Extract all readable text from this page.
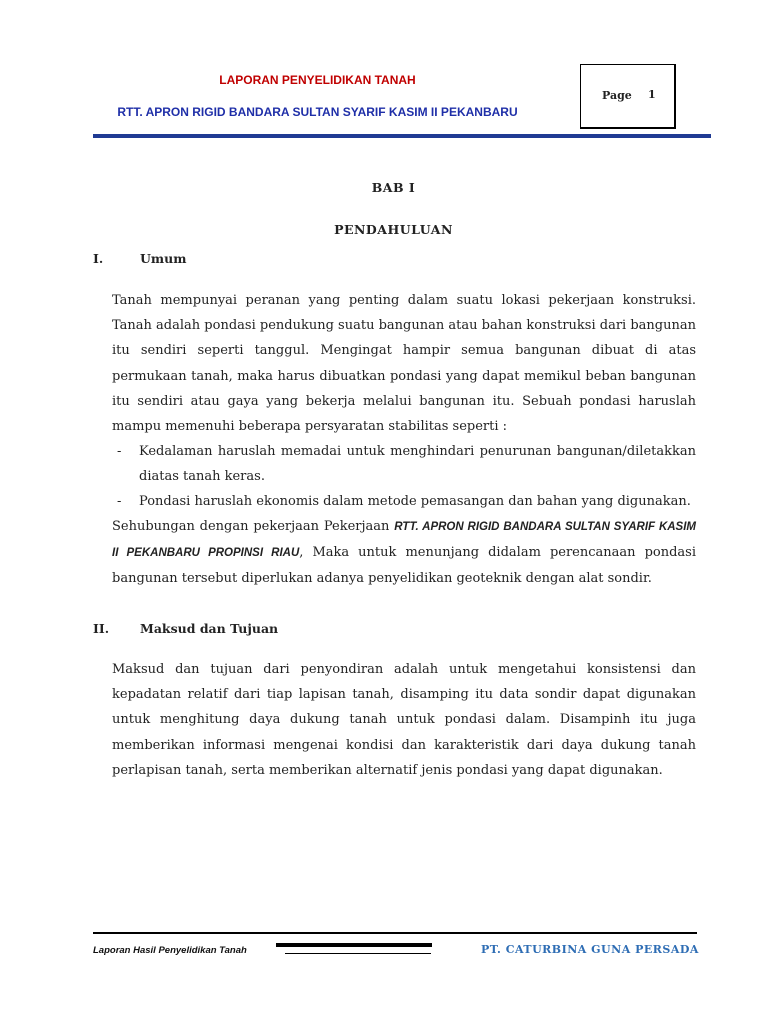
LAPORAN PENYELIDIKAN TANAH
RTT. APRON RIGID BANDARA SULTAN SYARIF KASIM II PEKANBARU
Page 1
BAB I
PENDAHULUAN
I.	Umum

Tanah mempunyai peranan yang penting dalam suatu lokasi pekerjaan konstruksi. Tanah adalah pondasi pendukung suatu bangunan atau bahan konstruksi dari bangunan itu sendiri seperti tanggul. Mengingat hampir semua bangunan dibuat di atas permukaan tanah, maka harus dibuatkan pondasi yang dapat memikul beban bangunan itu sendiri atau gaya yang bekerja melalui bangunan itu. Sebuah pondasi haruslah mampu memenuhi beberapa persyaratan stabilitas seperti :

- Kedalaman haruslah memadai untuk menghindari penurunan bangunan/diletakkan diatas tanah keras.
- Pondasi haruslah ekonomis dalam metode pemasangan dan bahan yang digunakan.

Sehubungan dengan pekerjaan Pekerjaan RTT. APRON RIGID BANDARA SULTAN SYARIF KASIM II PEKANBARU PROPINSI RIAU, Maka untuk menunjang didalam perencanaan pondasi bangunan tersebut diperlukan adanya penyelidikan geoteknik dengan alat sondir.

II. Maksud dan Tujuan

Maksud dan tujuan dari penyondiran adalah untuk mengetahui konsistensi dan kepadatan relatif dari tiap lapisan tanah, disamping itu data sondir dapat digunakan untuk menghitung daya dukung tanah untuk pondasi dalam. Disampinh itu juga memberikan informasi mengenai kondisi dan karakteristik dari daya dukung tanah perlapisan tanah, serta memberikan alternatif jenis pondasi yang dapat digunakan.

Laporan Hasil Penyelidikan Tanah	PT. CATURBINA GUNA PERSADA
